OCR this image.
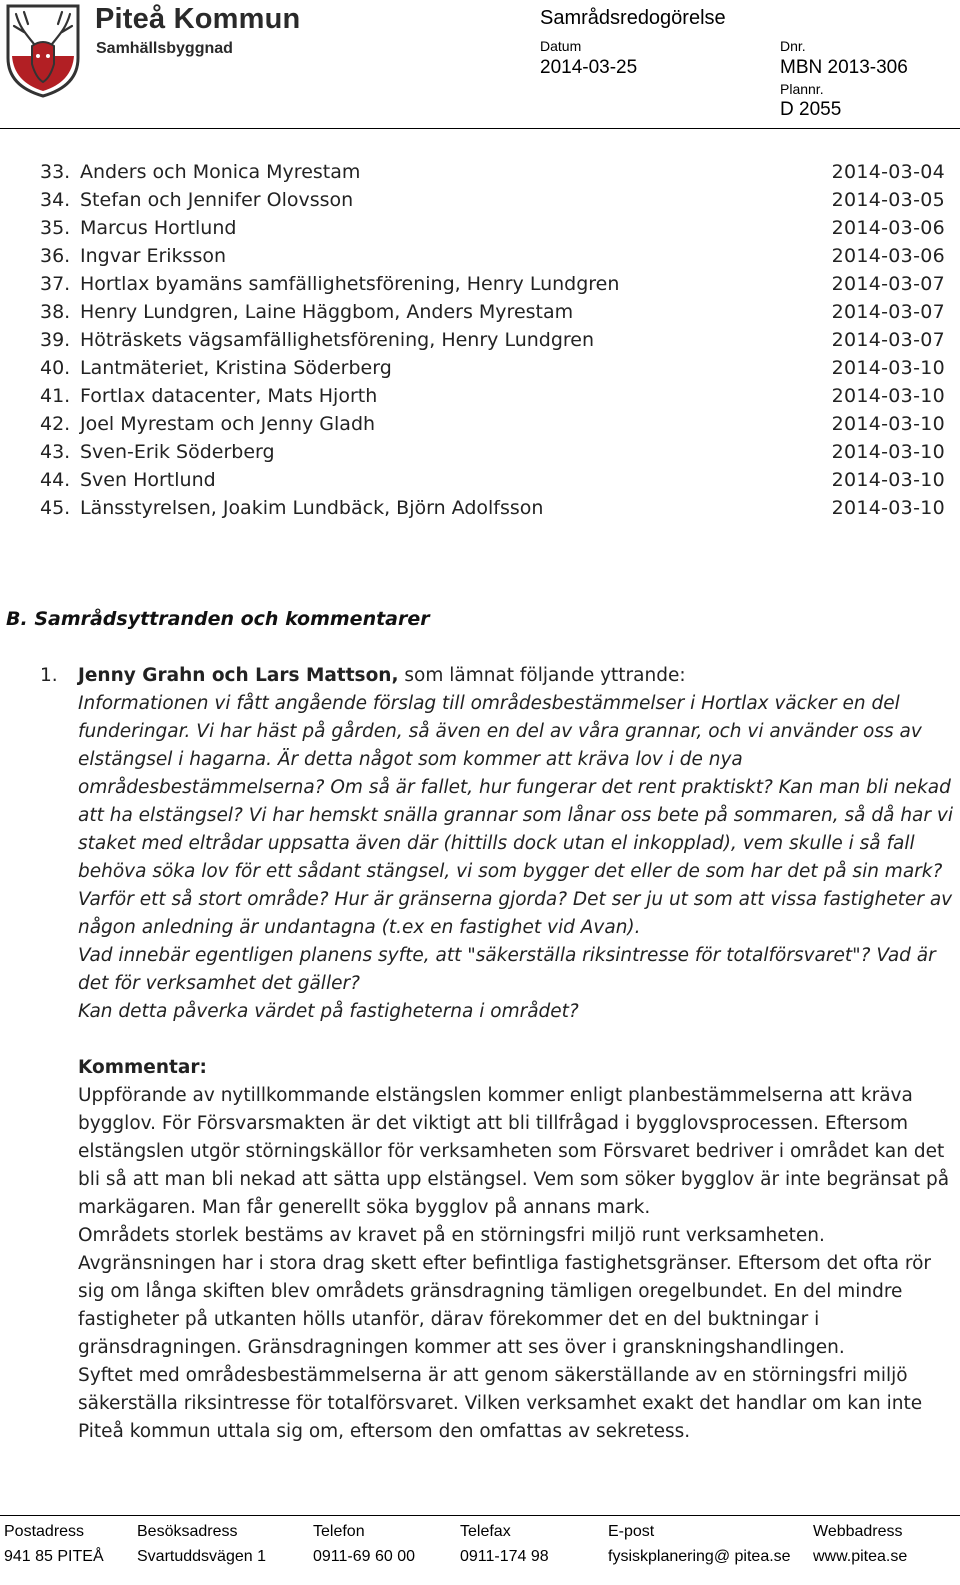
Piteå Kommun
Samhällsbyggnad
Samrådsredogörelse
Datum
2014-03-25
Dnr.
MBN 2013-306
Plannr.
D 2055
33. Anders och Monica Myrestam	2014-03-04
34. Stefan och Jennifer Olovsson	2014-03-05
35. Marcus Hortlund	2014-03-06
36. Ingvar Eriksson	2014-03-06
37. Hortlax byamäns samfällighetsförening, Henry Lundgren	2014-03-07
38. Henry Lundgren, Laine Häggbom, Anders Myrestam	2014-03-07
39. Höträskets vägsamfällighetsförening, Henry Lundgren	2014-03-07
40. Lantmäteriet, Kristina Söderberg	2014-03-10
41. Fortlax datacenter, Mats Hjorth	2014-03-10
42. Joel Myrestam och Jenny Gladh	2014-03-10
43. Sven-Erik Söderberg	2014-03-10
44. Sven Hortlund	2014-03-10
45. Länsstyrelsen, Joakim Lundbäck, Björn Adolfsson	2014-03-10
B. Samrådsyttranden och kommentarer
1. Jenny Grahn och Lars Mattson, som lämnat följande yttrande:

Informationen vi fått angående förslag till områdesbestämmelser i Hortlax väcker en del funderingar. Vi har häst på gården, så även en del av våra grannar, och vi använder oss av elstängsel i hagarna. Är detta något som kommer att kräva lov i de nya områdesbestämmelserna? Om så är fallet, hur fungerar det rent praktiskt? Kan man bli nekad att ha elstängsel? Vi har hemskt snälla grannar som lånar oss bete på sommaren, så då har vi staket med eltrådar uppsatta även där (hittills dock utan el inkopplad), vem skulle i så fall behöva söka lov för ett sådant stängsel, vi som bygger det eller de som har det på sin mark? Varför ett så stort område? Hur är gränserna gjorda? Det ser ju ut som att vissa fastigheter av någon anledning är undantagna (t.ex en fastighet vid Avan).

Vad innebär egentligen planens syfte, att "säkerställa riksintresse för totalförsvaret"? Vad är det för verksamhet det gäller?

Kan detta påverka värdet på fastigheterna i området?

Kommentar:

Uppförande av nytillkommande elstängslen kommer enligt planbestämmelserna att kräva bygglov. För Försvarsmakten är det viktigt att bli tillfrågad i bygglovsprocessen. Eftersom elstängslen utgör störningskällor för verksamheten som Försvaret bedriver i området kan det bli så att man bli nekad att sätta upp elstängsel. Vem som söker bygglov är inte begränsat på markägaren. Man får generellt söka bygglov på annans mark.

Områdets storlek bestäms av kravet på en störningsfri miljö runt verksamheten.

Avgränsningen har i stora drag skett efter befintliga fastighetsgränser. Eftersom det ofta rör sig om långa skiften blev områdets gränsdragning tämligen oregelbundet. En del mindre fastigheter på utkanten hölls utanför, därav förekommer det en del buktningar i gränsdragningen. Gränsdragningen kommer att ses över i granskningshandlingen.

Syftet med områdesbestämmelserna är att genom säkerställande av en störningsfri miljö säkerställa riksintresse för totalförsvaret. Vilken verksamhet exakt det handlar om kan inte Piteå kommun uttala sig om, eftersom den omfattas av sekretess.

Postadress
941 85 PITEÅ
Besöksadress
Svartuddsvägen 1
Telefon
0911-69 60 00
Telefax
0911-174 98
E-post
fysiskplanering@ pitea.se
Webbadress
www.pitea.se
